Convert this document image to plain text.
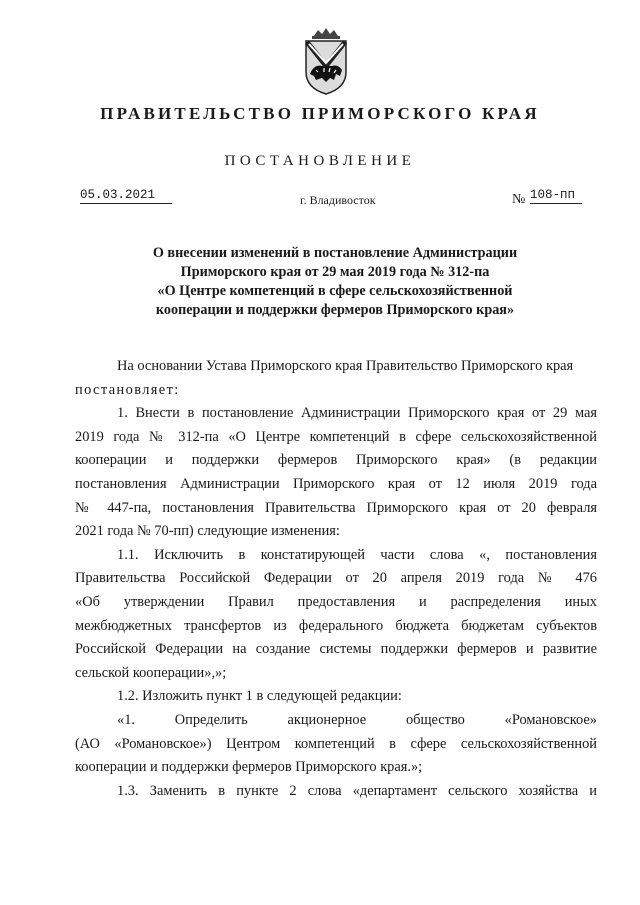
ПРАВИТЕЛЬСТВО ПРИМОРСКОГО КРАЯ
ПОСТАНОВЛЕНИЕ
05.03.2021	г. Владивосток	№ 108-пп
О внесении изменений в постановление Администрации
Приморского края от 29 мая 2019 года № 312-па
«О Центре компетенций в сфере сельскохозяйственной
кооперации и поддержки фермеров Приморского края»
На основании Устава Приморского края Правительство Приморского края
постановляет:
1. Внести в постановление Администрации Приморского края от 29 мая
2019 года № 312-па «О Центре компетенций в сфере сельскохозяйственной
кооперации и поддержки фермеров Приморского края» (в редакции
постановления Администрации Приморского края от 12 июля 2019 года
№ 447-па, постановления Правительства Приморского края от 20 февраля
2021 года № 70-пп) следующие изменения:
1.1. Исключить в констатирующей части слова «, постановления
Правительства Российской Федерации от 20 апреля 2019 года № 476
«Об утверждении Правил предоставления и распределения иных
межбюджетных трансфертов из федерального бюджета бюджетам субъектов
Российской Федерации на создание системы поддержки фермеров и развитие
сельской кооперации»,»;
1.2. Изложить пункт 1 в следующей редакции:
«1. Определить акционерное общество «Романовское»
(АО «Романовское») Центром компетенций в сфере сельскохозяйственной
кооперации и поддержки фермеров Приморского края.»;
1.3. Заменить в пункте 2 слова «департамент сельского хозяйства и
